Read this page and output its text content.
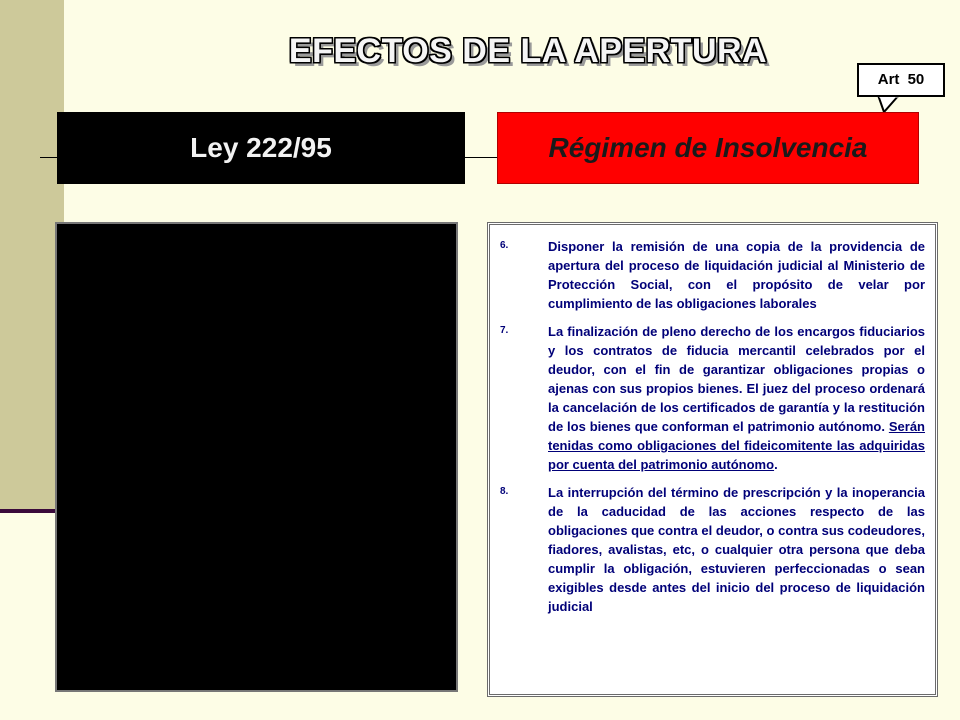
EFECTOS DE LA APERTURA
Art 50
Ley 222/95	Régimen de Insolvencia
6.	Disponer la remisión de una copia de la providencia de apertura del proceso de liquidación judicial al Ministerio de Protección Social, con el propósito de velar por cumplimiento de las obligaciones laborales
7.	La finalización de pleno derecho de los encargos fiduciarios y los contratos de fiducia mercantil celebrados por el deudor, con el fin de garantizar obligaciones propias o ajenas con sus propios bienes. El juez del proceso ordenará la cancelación de los certificados de garantía y la restitución de los bienes que conforman el patrimonio autónomo. Serán tenidas como obligaciones del fideicomitente las adquiridas por cuenta del patrimonio autónomo.
8.	La interrupción del término de prescripción y la inoperancia de la caducidad de las acciones respecto de las obligaciones que contra el deudor, o contra sus codeudores, fiadores, avalistas, etc, o cualquier otra persona que deba cumplir la obligación, estuvieren perfeccionadas o sean exigibles desde antes del inicio del proceso de liquidación judicial
